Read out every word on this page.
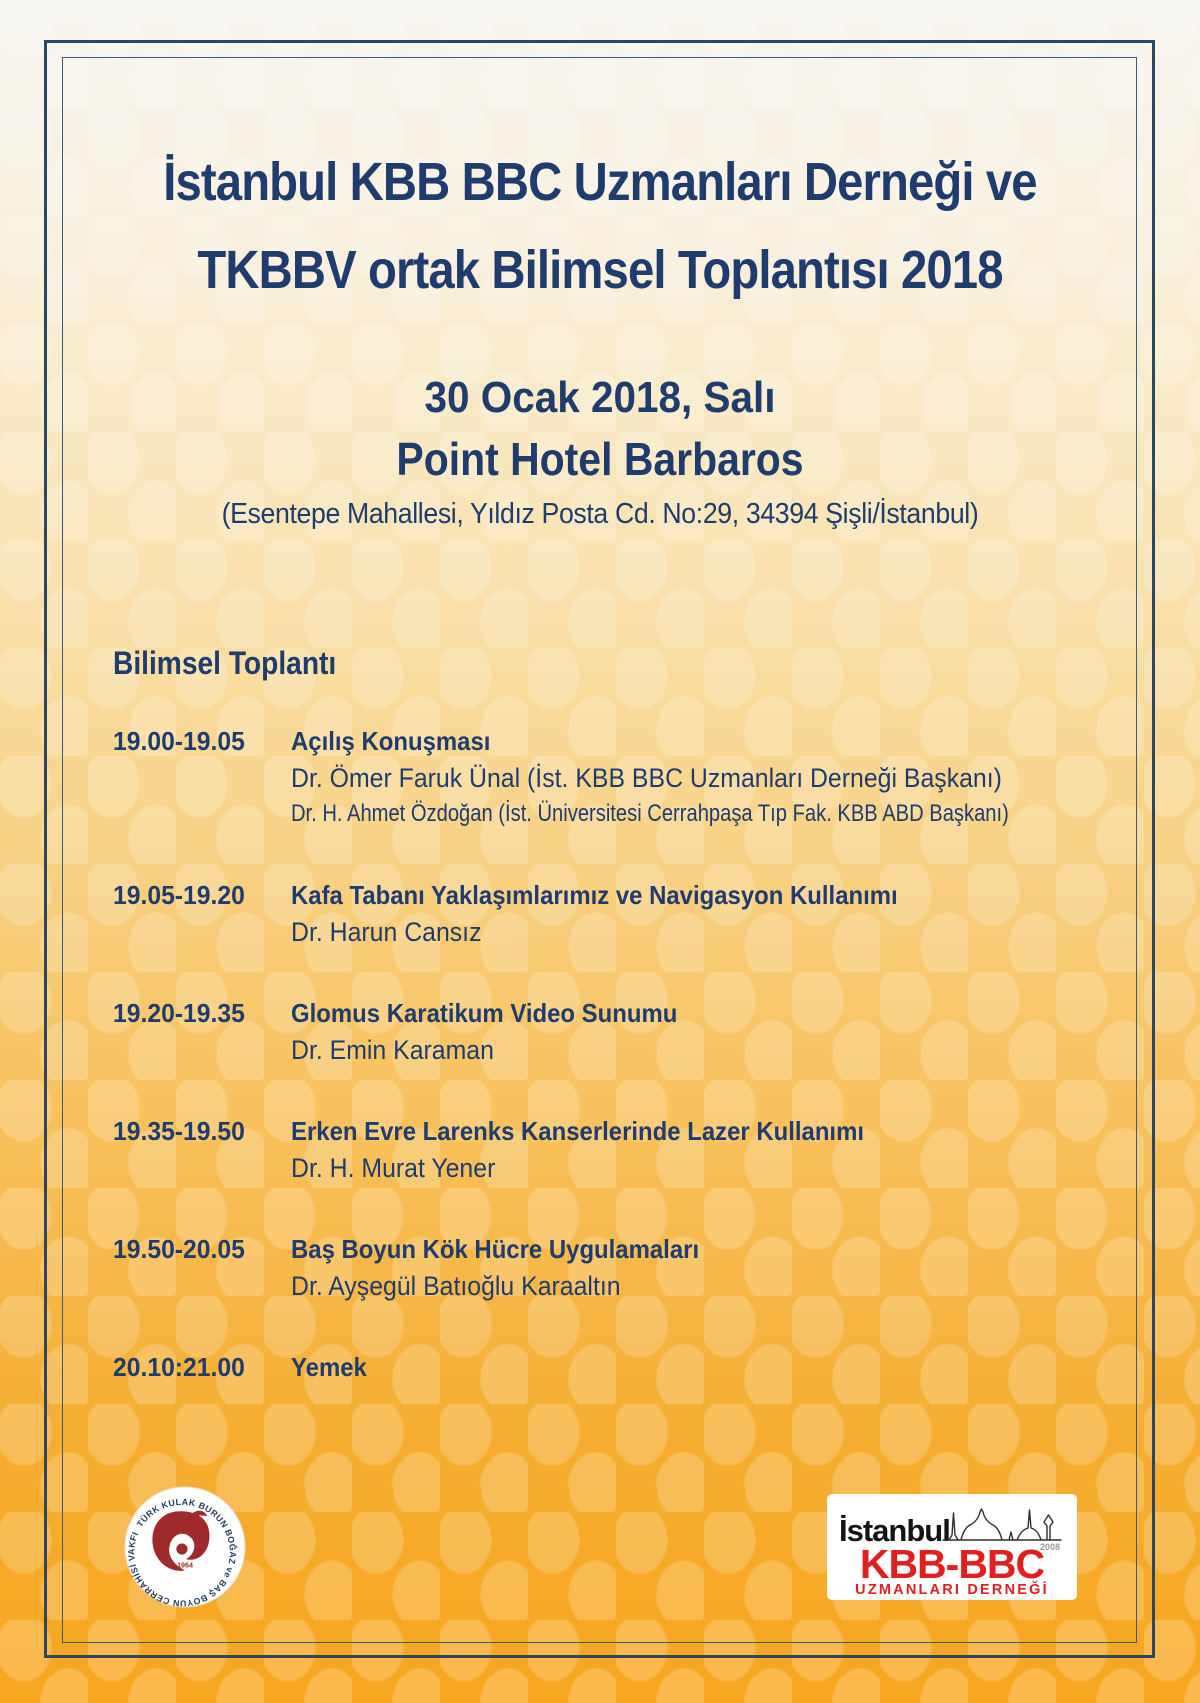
İstanbul KBB BBC Uzmanları Derneği ve
TKBBV ortak Bilimsel Toplantısı 2018
30 Ocak 2018, Salı
Point Hotel Barbaros
(Esentepe Mahallesi, Yıldız Posta Cd. No:29, 34394 Şişli/İstanbul)
Bilimsel Toplantı
19.00-19.05	Açılış Konuşması
Dr. Ömer Faruk Ünal (İst. KBB BBC Uzmanları Derneği Başkanı)
Dr. H. Ahmet Özdoğan (İst. Üniversitesi Cerrahpaşa Tıp Fak. KBB ABD Başkanı)
19.05-19.20	Kafa Tabanı Yaklaşımlarımız ve Navigasyon Kullanımı
Dr. Harun Cansız
19.20-19.35	Glomus Karatikum Video Sunumu
Dr. Emin Karaman
19.35-19.50	Erken Evre Larenks Kanserlerinde Lazer Kullanımı
Dr. H. Murat Yener
19.50-20.05	Baş Boyun Kök Hücre Uygulamaları
Dr. Ayşegül Batıoğlu Karaaltın
20.10:21.00	Yemek
TÜRK KULAK BURUN BOĞAZ ve BAŞ BOYUN CERRAHİSİ VAKFI
1964
İstanbul	2008
KBB-BBC
UZMANLARI DERNEĞİ
